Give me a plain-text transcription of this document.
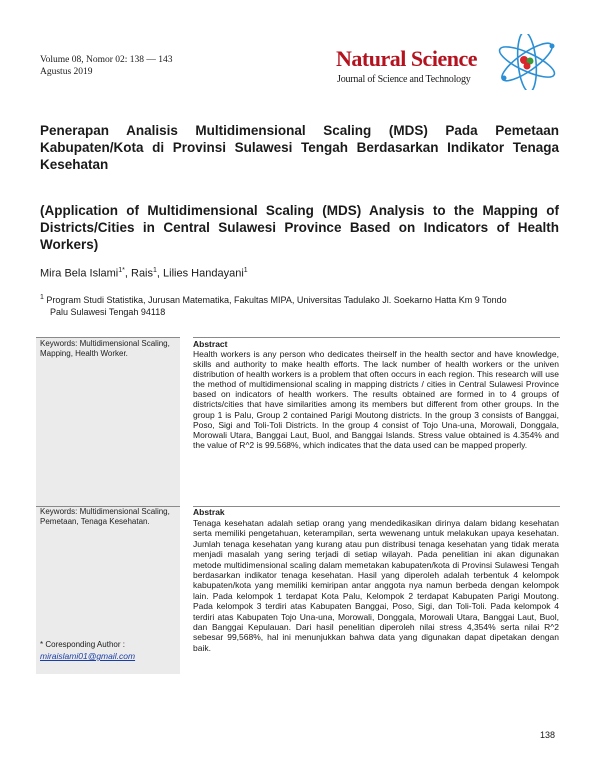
Volume 08, Nomor 02: 138 — 143
Agustus 2019
Natural Science
Journal of Science and Technology
Penerapan Analisis Multidimensional Scaling (MDS) Pada Pemetaan Kabupaten/Kota di Provinsi Sulawesi Tengah Berdasarkan Indikator Tenaga Kesehatan
(Application of Multidimensional Scaling (MDS) Analysis to the Mapping of Districts/Cities in Central Sulawesi Province Based on Indicators of Health Workers)
Mira Bela Islami$^{1*}$, Rais$^1$, Lilies Handayani$^1$
$^1$ Program Studi Statistika, Jurusan Matematika, Fakultas MIPA, Universitas Tadulako Jl. Soekarno Hatta Km 9 Tondo
Palu Sulawesi Tengah 94118
Keywords: Multidimensional Scaling, Mapping, Health Worker.
Keywords: Multidimensional Scaling, Pemetaan, Tenaga Kesehatan.
* Coresponding Author :
miraislami01@gmail.com
Abstract
Health workers is any person who dedicates theirself in the health sector and have knowledge, skills and authority to make health efforts. The lack number of health workers or the univen distribution of health workers is a problem that often occurs in each region. This research will use the method of multidimensional scaling in mapping districts / cities in Central Sulawesi Province based on indicators of health workers. The results obtained are formed in to 4 groups of districts/cities that have similarities among its members but different from other groups. In the group 1 is Palu, Group 2 contained Parigi Moutong districts. In the group 3 consists of Banggai, Poso, Sigi and Toli-Toli Districts. In the group 4 consist of Tojo Una-una, Morowali, Donggala, Morowali Utara, Banggai Laut, Buol, and Banggai Islands. Stress value obtained is 4.354% and the value of R^2 is 99.568%, which indicates that the data used can be mapped properly.
Abstrak
Tenaga kesehatan adalah setiap orang yang mendedikasikan dirinya dalam bidang kesehatan serta memiliki pengetahuan, keterampilan, serta wewenang untuk melakukan upaya kesehatan. Jumlah tenaga kesehatan yang kurang atau pun distribusi tenaga kesehatan yang tidak merata menjadi masalah yang sering terjadi di setiap wilayah. Pada penelitian ini akan digunakan metode multidimensional scaling dalam memetakan kabupaten/kota di Provinsi Sulawesi Tengah berdasarkan indikator tenaga kesehatan. Hasil yang diperoleh adalah terbentuk 4 kelompok kabupaten/kota yang memiliki kemiripan antar anggota nya namun berbeda dengan kelompok lain. Pada kelompok 1 terdapat Kota Palu, Kelompok 2 terdapat Kabupaten Parigi Moutong. Pada kelompok 3 terdiri atas Kabupaten Banggai, Poso, Sigi, dan Toli-Toli. Pada kelompok 4 terdiri atas Kabupaten Tojo Una-una, Morowali, Donggala, Morowali Utara, Banggai Laut, Buol, dan Banggai Kepulauan. Dari hasil penelitian diperoleh nilai stress 4,354% serta nilai R^2 sebesar 99,568%, hal ini menunjukkan bahwa data yang digunakan dapat dipetakan dengan baik.
138
